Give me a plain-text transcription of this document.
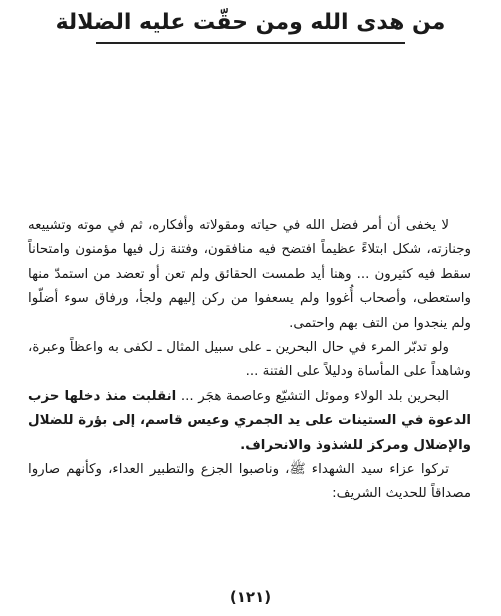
من هدى الله ومن حقّت عليه الضلالة

لا يخفى أن أمر فضل الله في حياته ومقولاته وأفكاره، ثم في موته وتشييعه وجنازته، شكل ابتلاءً عظيماً افتضح فيه منافقون، وفتنة زل فيها مؤمنون وامتحاناً سقط فيه كثيرون ... وهنا أيد طمست الحقائق ولم تعن أو تعضد من استمدّ منها واستعطى، وأصحاب أُغووا ولم يسعفوا من ركن إليهم ولجأ، ورفاق سوء أضلّوا ولم ينجدوا من التف بهم واحتمى.

ولو تدبّر المرء في حال البحرين ـ على سبيل المثال ـ لكفى به واعظاً وعبرة، وشاهداً على المأساة ودليلاً على الفتنة ...

البحرين بلد الولاء وموئل التشيّع وعاصمة هجَر ... انقلبت منذ دخلها حزب الدعوة في الستينات على يد الجمري وعيس قاسم، إلى بؤرة للضلال والإضلال ومركز للشذوذ والانحراف.

تركوا عزاء سيد الشهداء ﷺ، وناصبوا الجزع والتطبير العداء، وكأنهم صاروا مصداقاً للحديث الشريف:

(١٢١)
